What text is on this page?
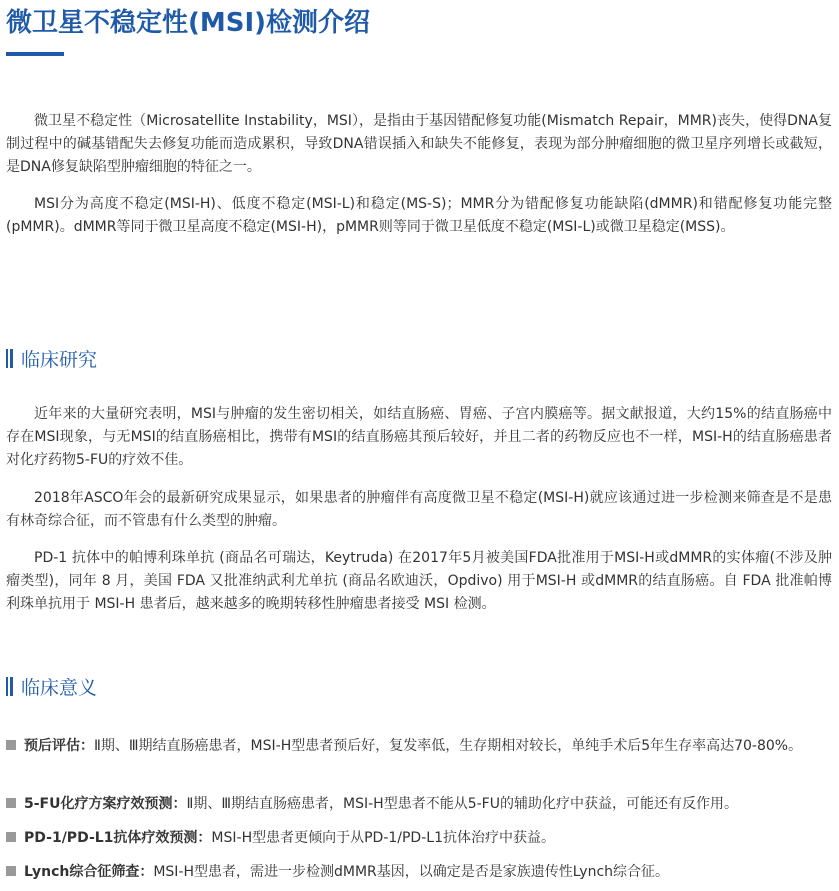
微卫星不稳定性(MSI)检测介绍

微卫星不稳定性（Microsatellite Instability，MSI），是指由于基因错配修复功能(Mismatch Repair，MMR)丧失，使得DNA复制过程中的碱基错配失去修复功能而造成累积，导致DNA错误插入和缺失不能修复，表现为部分肿瘤细胞的微卫星序列增长或截短，是DNA修复缺陷型肿瘤细胞的特征之一。

MSI分为高度不稳定(MSI-H)、低度不稳定(MSI-L)和稳定(MS-S)；MMR分为错配修复功能缺陷(dMMR)和错配修复功能完整(pMMR)。dMMR等同于微卫星高度不稳定(MSI-H)，pMMR则等同于微卫星低度不稳定(MSI-L)或微卫星稳定(MSS)。

临床研究

近年来的大量研究表明，MSI与肿瘤的发生密切相关，如结直肠癌、胃癌、子宫内膜癌等。据文献报道，大约15%的结直肠癌中存在MSI现象，与无MSI的结直肠癌相比，携带有MSI的结直肠癌其预后较好，并且二者的药物反应也不一样，MSI-H的结直肠癌患者对化疗药物5-FU的疗效不佳。

2018年ASCO年会的最新研究成果显示，如果患者的肿瘤伴有高度微卫星不稳定(MSI-H)就应该通过进一步检测来筛查是不是患有林奇综合征，而不管患有什么类型的肿瘤。

PD-1 抗体中的帕博利珠单抗 (商品名可瑞达，Keytruda) 在2017年5月被美国FDA批准用于MSI-H或dMMR的实体瘤(不涉及肿瘤类型)，同年 8 月，美国 FDA 又批准纳武利尤单抗 (商品名欧迪沃，Opdivo) 用于MSI-H 或dMMR的结直肠癌。自 FDA 批准帕博利珠单抗用于 MSI-H 患者后，越来越多的晚期转移性肿瘤患者接受 MSI 检测。

临床意义

预后评估：Ⅱ期、Ⅲ期结直肠癌患者，MSI-H型患者预后好，复发率低，生存期相对较长，单纯手术后5年生存率高达70-80%。

5-FU化疗方案疗效预测：Ⅱ期、Ⅲ期结直肠癌患者，MSI-H型患者不能从5-FU的辅助化疗中获益，可能还有反作用。

PD-1/PD-L1抗体疗效预测：MSI-H型患者更倾向于从PD-1/PD-L1抗体治疗中获益。

Lynch综合征筛查：MSI-H型患者，需进一步检测dMMR基因，以确定是否是家族遗传性Lynch综合征。
